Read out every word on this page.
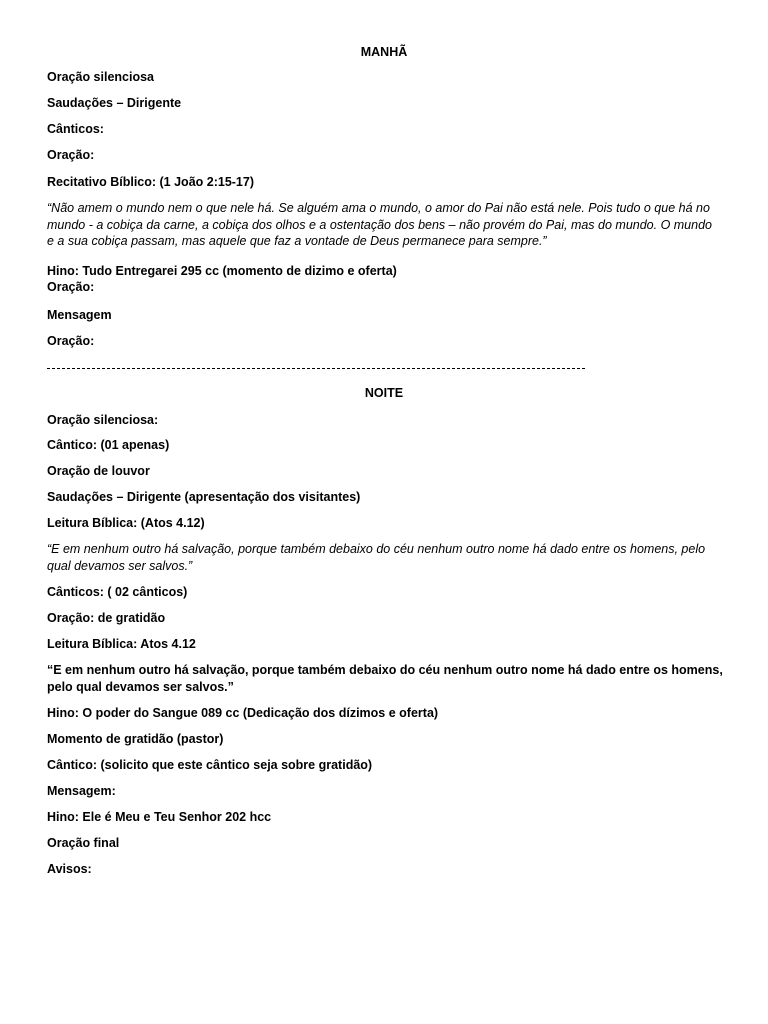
MANHÃ
Oração silenciosa
Saudações – Dirigente
Cânticos:
Oração:
Recitativo Bíblico: (1 João 2:15-17)
“Não amem o mundo nem o que nele há. Se alguém ama o mundo, o amor do Pai não está nele. Pois tudo o que há no
mundo - a cobiça da carne, a cobiça dos olhos e a ostentação dos bens – não provém do Pai, mas do mundo. O mundo
e a sua cobiça passam, mas aquele que faz a vontade de Deus permanece para sempre.”
Hino: Tudo Entregarei 295 cc (momento de dizimo e oferta)
Oração:
Mensagem
Oração:
NOITE
Oração silenciosa:
Cântico: (01 apenas)
Oração de louvor
Saudações – Dirigente (apresentação dos visitantes)
Leitura Bíblica: (Atos 4.12)
“E em nenhum outro há salvação, porque também debaixo do céu nenhum outro nome há dado entre os homens, pelo
qual devamos ser salvos.”
Cânticos: ( 02 cânticos)
Oração: de gratidão
Leitura Bíblica: Atos 4.12
“E em nenhum outro há salvação, porque também debaixo do céu nenhum outro nome há dado entre os homens,
pelo qual devamos ser salvos.”
Hino: O poder do Sangue 089 cc (Dedicação dos dízimos e oferta)
Momento de gratidão (pastor)
Cântico: (solicito que este cântico seja sobre gratidão)
Mensagem:
Hino: Ele é Meu e Teu Senhor 202 hcc
Oração final
Avisos:
